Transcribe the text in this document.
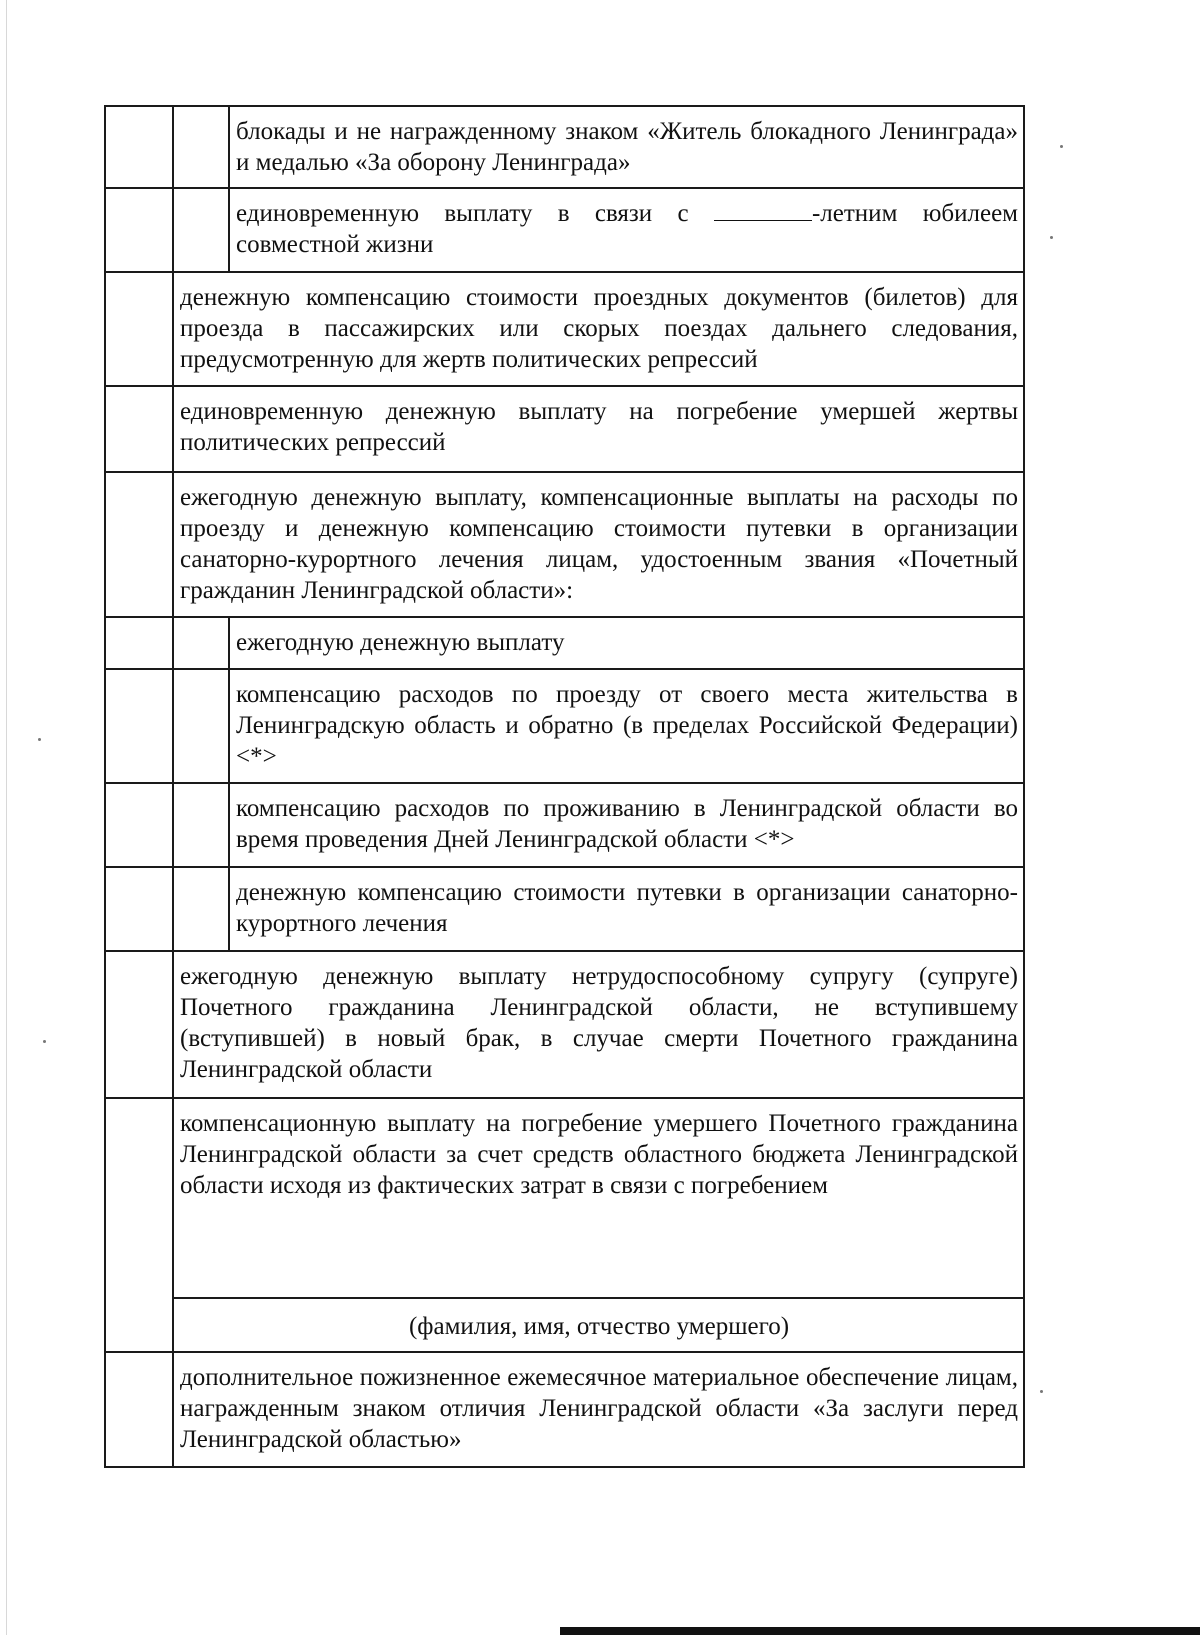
		блокады и не награжденному знаком «Житель блокадного Ленинграда» и медалью «За оборону Ленинграда»

		единовременную выплату в связи с -летним юбилеем
совместной жизни
	денежную компенсацию стоимости проездных документов (билетов) для проезда в пассажирских или скорых поездах дальнего следования, предусмотренную для жертв политических репрессий	
	единовременную денежную выплату на погребение умершей жертвы политических репрессий	
	ежегодную денежную выплату, компенсационные выплаты на расходы по проезду и денежную компенсацию стоимости путевки в организации санаторно-курортного лечения лицам, удостоенным звания «Почетный гражданин Ленинградской области»:	
		ежегодную денежную выплату
		компенсацию расходов по проезду от своего места жительства в Ленинградскую область и обратно (в пределах Российской Федерации) <*>
		компенсацию расходов по проживанию в Ленинградской области во время проведения Дней Ленинградской области <*>
		денежную компенсацию стоимости путевки в организации санаторно-курортного лечения
	ежегодную денежную выплату нетрудоспособному супругу (супруге) Почетного гражданина Ленинградской области, не вступившему (вступившей) в новый брак, в случае смерти Почетного гражданина Ленинградской области	
	компенсационную выплату на погребение умершего Почетного гражданина Ленинградской области за счет средств областного бюджета Ленинградской области исходя из фактических затрат в связи с погребением	
	(фамилия, имя, отчество умершего)	
	дополнительное пожизненное ежемесячное материальное обеспечение лицам, награжденным знаком отличия Ленинградской области «За заслуги перед Ленинградской областью»	
